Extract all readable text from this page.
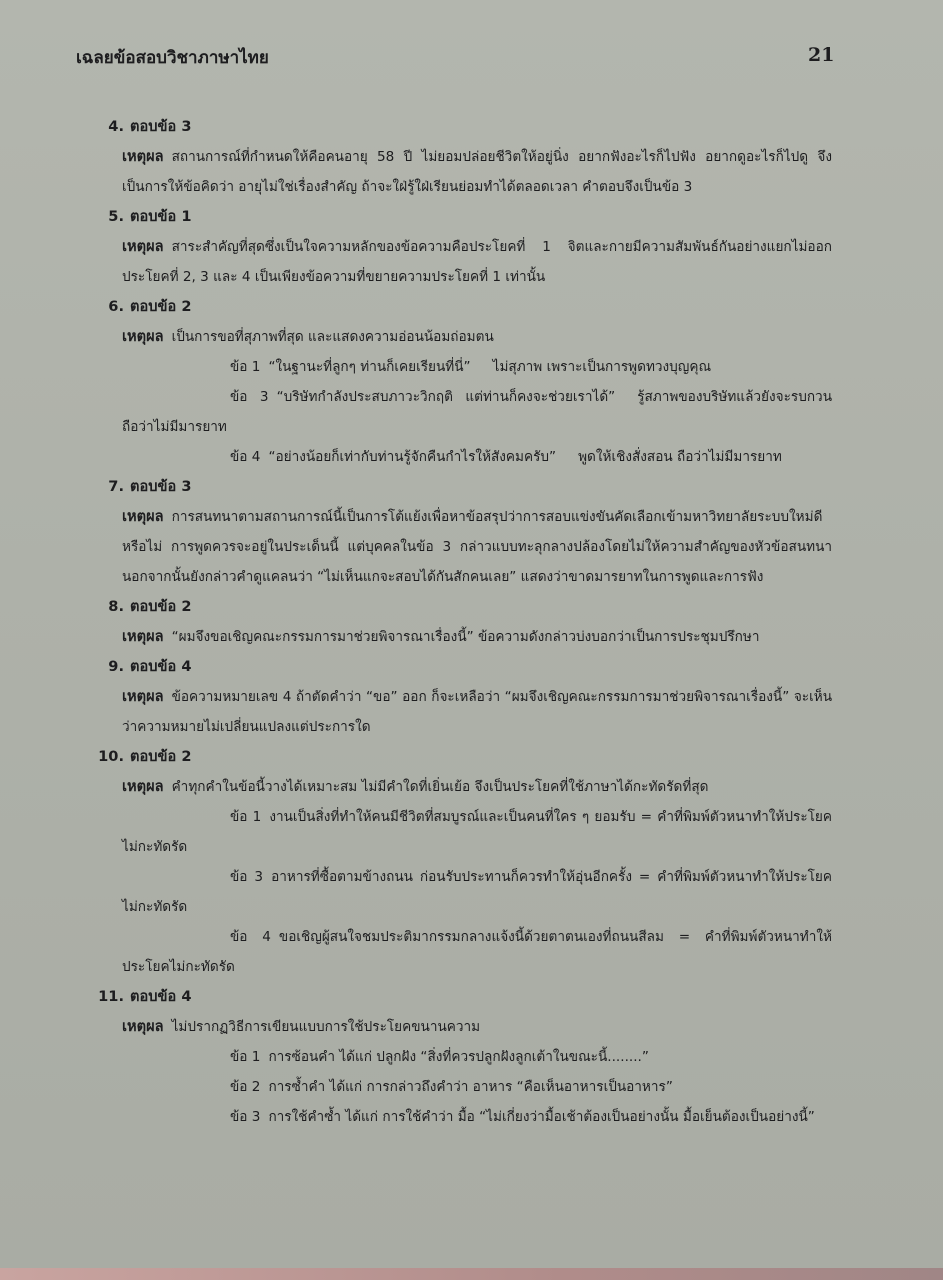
เฉลยข้อสอบวิชาภาษาไทย	21
4. ตอบข้อ 3
เหตุผล สถานการณ์ที่กำหนดให้คือคนอายุ 58 ปี ไม่ยอมปล่อยชีวิตให้อยู่นิ่ง อยากฟังอะไรก็ไปฟัง อยากดูอะไรก็ไปดู จึงเป็นการให้ข้อคิดว่า อายุไม่ใช่เรื่องสำคัญ ถ้าจะใฝ่รู้ใฝ่เรียนย่อมทำได้ตลอดเวลา คำตอบจึงเป็นข้อ 3
5. ตอบข้อ 1
เหตุผล สาระสำคัญที่สุดซึ่งเป็นใจความหลักของข้อความคือประโยคที่ 1 จิตและกายมีความสัมพันธ์กันอย่างแยกไม่ออก ประโยคที่ 2, 3 และ 4 เป็นเพียงข้อความที่ขยายความประโยคที่ 1 เท่านั้น
6. ตอบข้อ 2
เหตุผล เป็นการขอที่สุภาพที่สุด และแสดงความอ่อนน้อมถ่อมตน
ข้อ 1 “ในฐานะที่ลูกๆ ท่านก็เคยเรียนที่นี่” ไม่สุภาพ เพราะเป็นการพูดทวงบุญคุณ
ข้อ 3 “บริษัทกำลังประสบภาวะวิกฤติ แต่ท่านก็คงจะช่วยเราได้” รู้สภาพของบริษัทแล้วยังจะรบกวน ถือว่าไม่มีมารยาท
ข้อ 4 “อย่างน้อยก็เท่ากับท่านรู้จักคืนกำไรให้สังคมครับ” พูดให้เชิงสั่งสอน ถือว่าไม่มีมารยาท
7. ตอบข้อ 3
เหตุผล การสนทนาตามสถานการณ์นี้เป็นการโต้แย้งเพื่อหาข้อสรุปว่าการสอบแข่งขันคัดเลือกเข้ามหาวิทยาลัยระบบใหม่ดีหรือไม่ การพูดควรจะอยู่ในประเด็นนี้ แต่บุคคลในข้อ 3 กล่าวแบบทะลุกลางปล้องโดยไม่ให้ความสำคัญของหัวข้อสนทนา นอกจากนั้นยังกล่าวคำดูแคลนว่า “ไม่เห็นแกจะสอบได้กันสักคนเลย” แสดงว่าขาดมารยาทในการพูดและการฟัง
8. ตอบข้อ 2
เหตุผล “ผมจึงขอเชิญคณะกรรมการมาช่วยพิจารณาเรื่องนี้” ข้อความดังกล่าวบ่งบอกว่าเป็นการประชุมปรึกษา
9. ตอบข้อ 4
เหตุผล ข้อความหมายเลข 4 ถ้าตัดคำว่า “ขอ” ออก ก็จะเหลือว่า “ผมจึงเชิญคณะกรรมการมาช่วยพิจารณาเรื่องนี้” จะเห็นว่าความหมายไม่เปลี่ยนแปลงแต่ประการใด
10. ตอบข้อ 2
เหตุผล คำทุกคำในข้อนี้วางได้เหมาะสม ไม่มีคำใดที่เยิ่นเย้อ จึงเป็นประโยคที่ใช้ภาษาได้กะทัดรัดที่สุด
ข้อ 1 งานเป็นสิ่งที่ทำให้คนมีชีวิตที่สมบูรณ์และเป็นคนที่ใคร ๆ ยอมรับ = คำที่พิมพ์ตัวหนาทำให้ประโยคไม่กะทัดรัด
ข้อ 3 อาหารที่ซื้อตามข้างถนน ก่อนรับประทานก็ควรทำให้อุ่นอีกครั้ง = คำที่พิมพ์ตัวหนาทำให้ประโยคไม่กะทัดรัด
ข้อ 4 ขอเชิญผู้สนใจชมประติมากรรมกลางแจ้งนี้ด้วยตาตนเองที่ถนนสีลม = คำที่พิมพ์ตัวหนาทำให้ประโยคไม่กะทัดรัด
11. ตอบข้อ 4
เหตุผล ไม่ปรากฏวิธีการเขียนแบบการใช้ประโยคขนานความ
ข้อ 1 การซ้อนคำ ได้แก่ ปลูกฝัง “สิ่งที่ควรปลูกฝังลูกเต้าในขณะนี้........”
ข้อ 2 การซ้ำคำ ได้แก่ การกล่าวถึงคำว่า อาหาร “คือเห็นอาหารเป็นอาหาร”
ข้อ 3 การใช้คำซ้ำ ได้แก่ การใช้คำว่า มื้อ “ไม่เกี่ยงว่ามื้อเช้าต้องเป็นอย่างนั้น มื้อเย็นต้องเป็นอย่างนี้”
